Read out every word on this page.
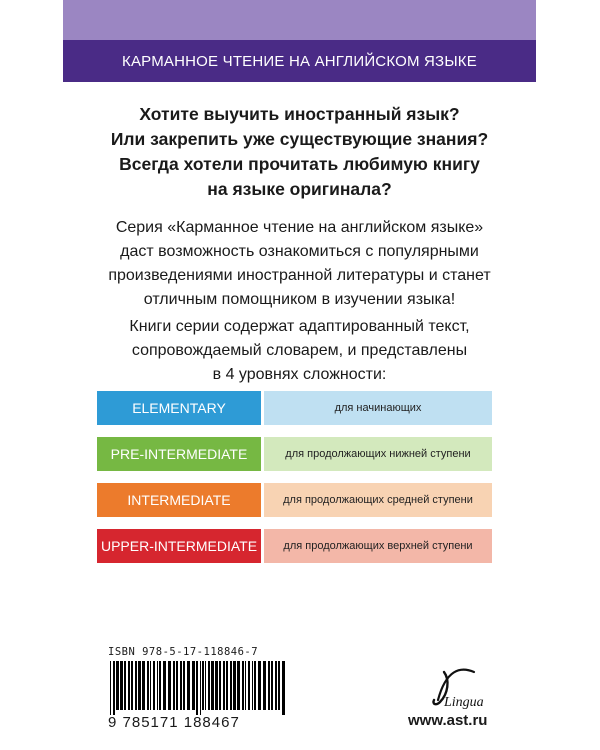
КАРМАННОЕ ЧТЕНИЕ НА АНГЛИЙСКОМ ЯЗЫКЕ
Хотите выучить иностранный язык?
Или закрепить уже существующие знания?
Всегда хотели прочитать любимую книгу
на языке оригинала?
Серия «Карманное чтение на английском языке»
даст возможность ознакомиться с популярными
произведениями иностранной литературы и станет
отличным помощником в изучении языка!
Книги серии содержат адаптированный текст,
сопровождаемый словарем, и представлены
в 4 уровнях сложности:
ELEMENTARY	для начинающих
PRE-INTERMEDIATE	для продолжающих нижней ступени
INTERMEDIATE	для продолжающих средней ступени
UPPER-INTERMEDIATE	для продолжающих верхней ступени
ISBN 978-5-17-118846-7
9 785171 188467
Lingua
www.ast.ru
